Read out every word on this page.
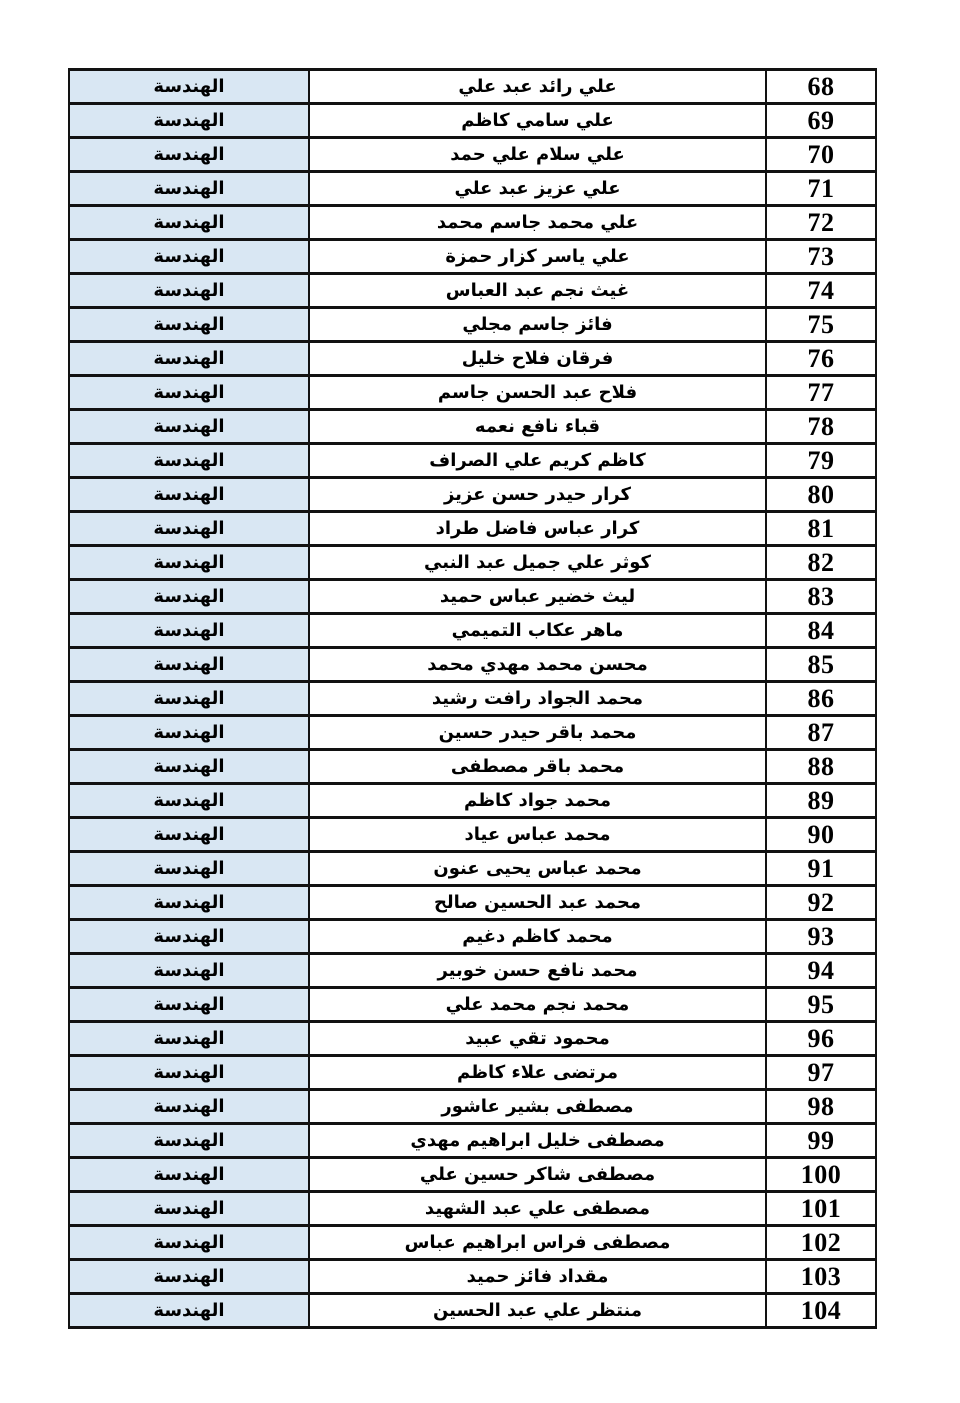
الهندسة	علي رائد عبد علي	68
الهندسة	علي سامي كاظم	69
الهندسة	علي سلام علي حمد	70
الهندسة	علي عزيز عبد علي	71
الهندسة	علي محمد جاسم محمد	72
الهندسة	علي ياسر كزار حمزة	73
الهندسة	غيث نجم عبد العباس	74
الهندسة	فائز جاسم مجلي	75
الهندسة	فرقان فلاح خليل	76
الهندسة	فلاح عبد الحسن جاسم	77
الهندسة	قباء نافع نعمه	78
الهندسة	كاظم كريم علي الصراف	79
الهندسة	كرار حيدر حسن عزيز	80
الهندسة	كرار عباس فاضل طراد	81
الهندسة	كوثر علي جميل عبد النبي	82
الهندسة	ليث خضير عباس حميد	83
الهندسة	ماهر عكاب التميمي	84
الهندسة	محسن محمد مهدي محمد	85
الهندسة	محمد الجواد رافت رشيد	86
الهندسة	محمد باقر حيدر حسين	87
الهندسة	محمد باقر مصطفى	88
الهندسة	محمد جواد كاظم	89
الهندسة	محمد عباس عياد	90
الهندسة	محمد عباس يحيى عنون	91
الهندسة	محمد عبد الحسين صالح	92
الهندسة	محمد كاظم دغيم	93
الهندسة	محمد نافع حسن خوبير	94
الهندسة	محمد نجم محمد علي	95
الهندسة	محمود تقي عبيد	96
الهندسة	مرتضى علاء كاظم	97
الهندسة	مصطفى بشير عاشور	98
الهندسة	مصطفى خليل ابراهيم مهدي	99
الهندسة	مصطفى شاكر حسين علي	100
الهندسة	مصطفى علي عبد الشهيد	101
الهندسة	مصطفى فراس ابراهيم عباس	102
الهندسة	مقداد فائز حميد	103
الهندسة	منتظر علي عبد الحسين	104
